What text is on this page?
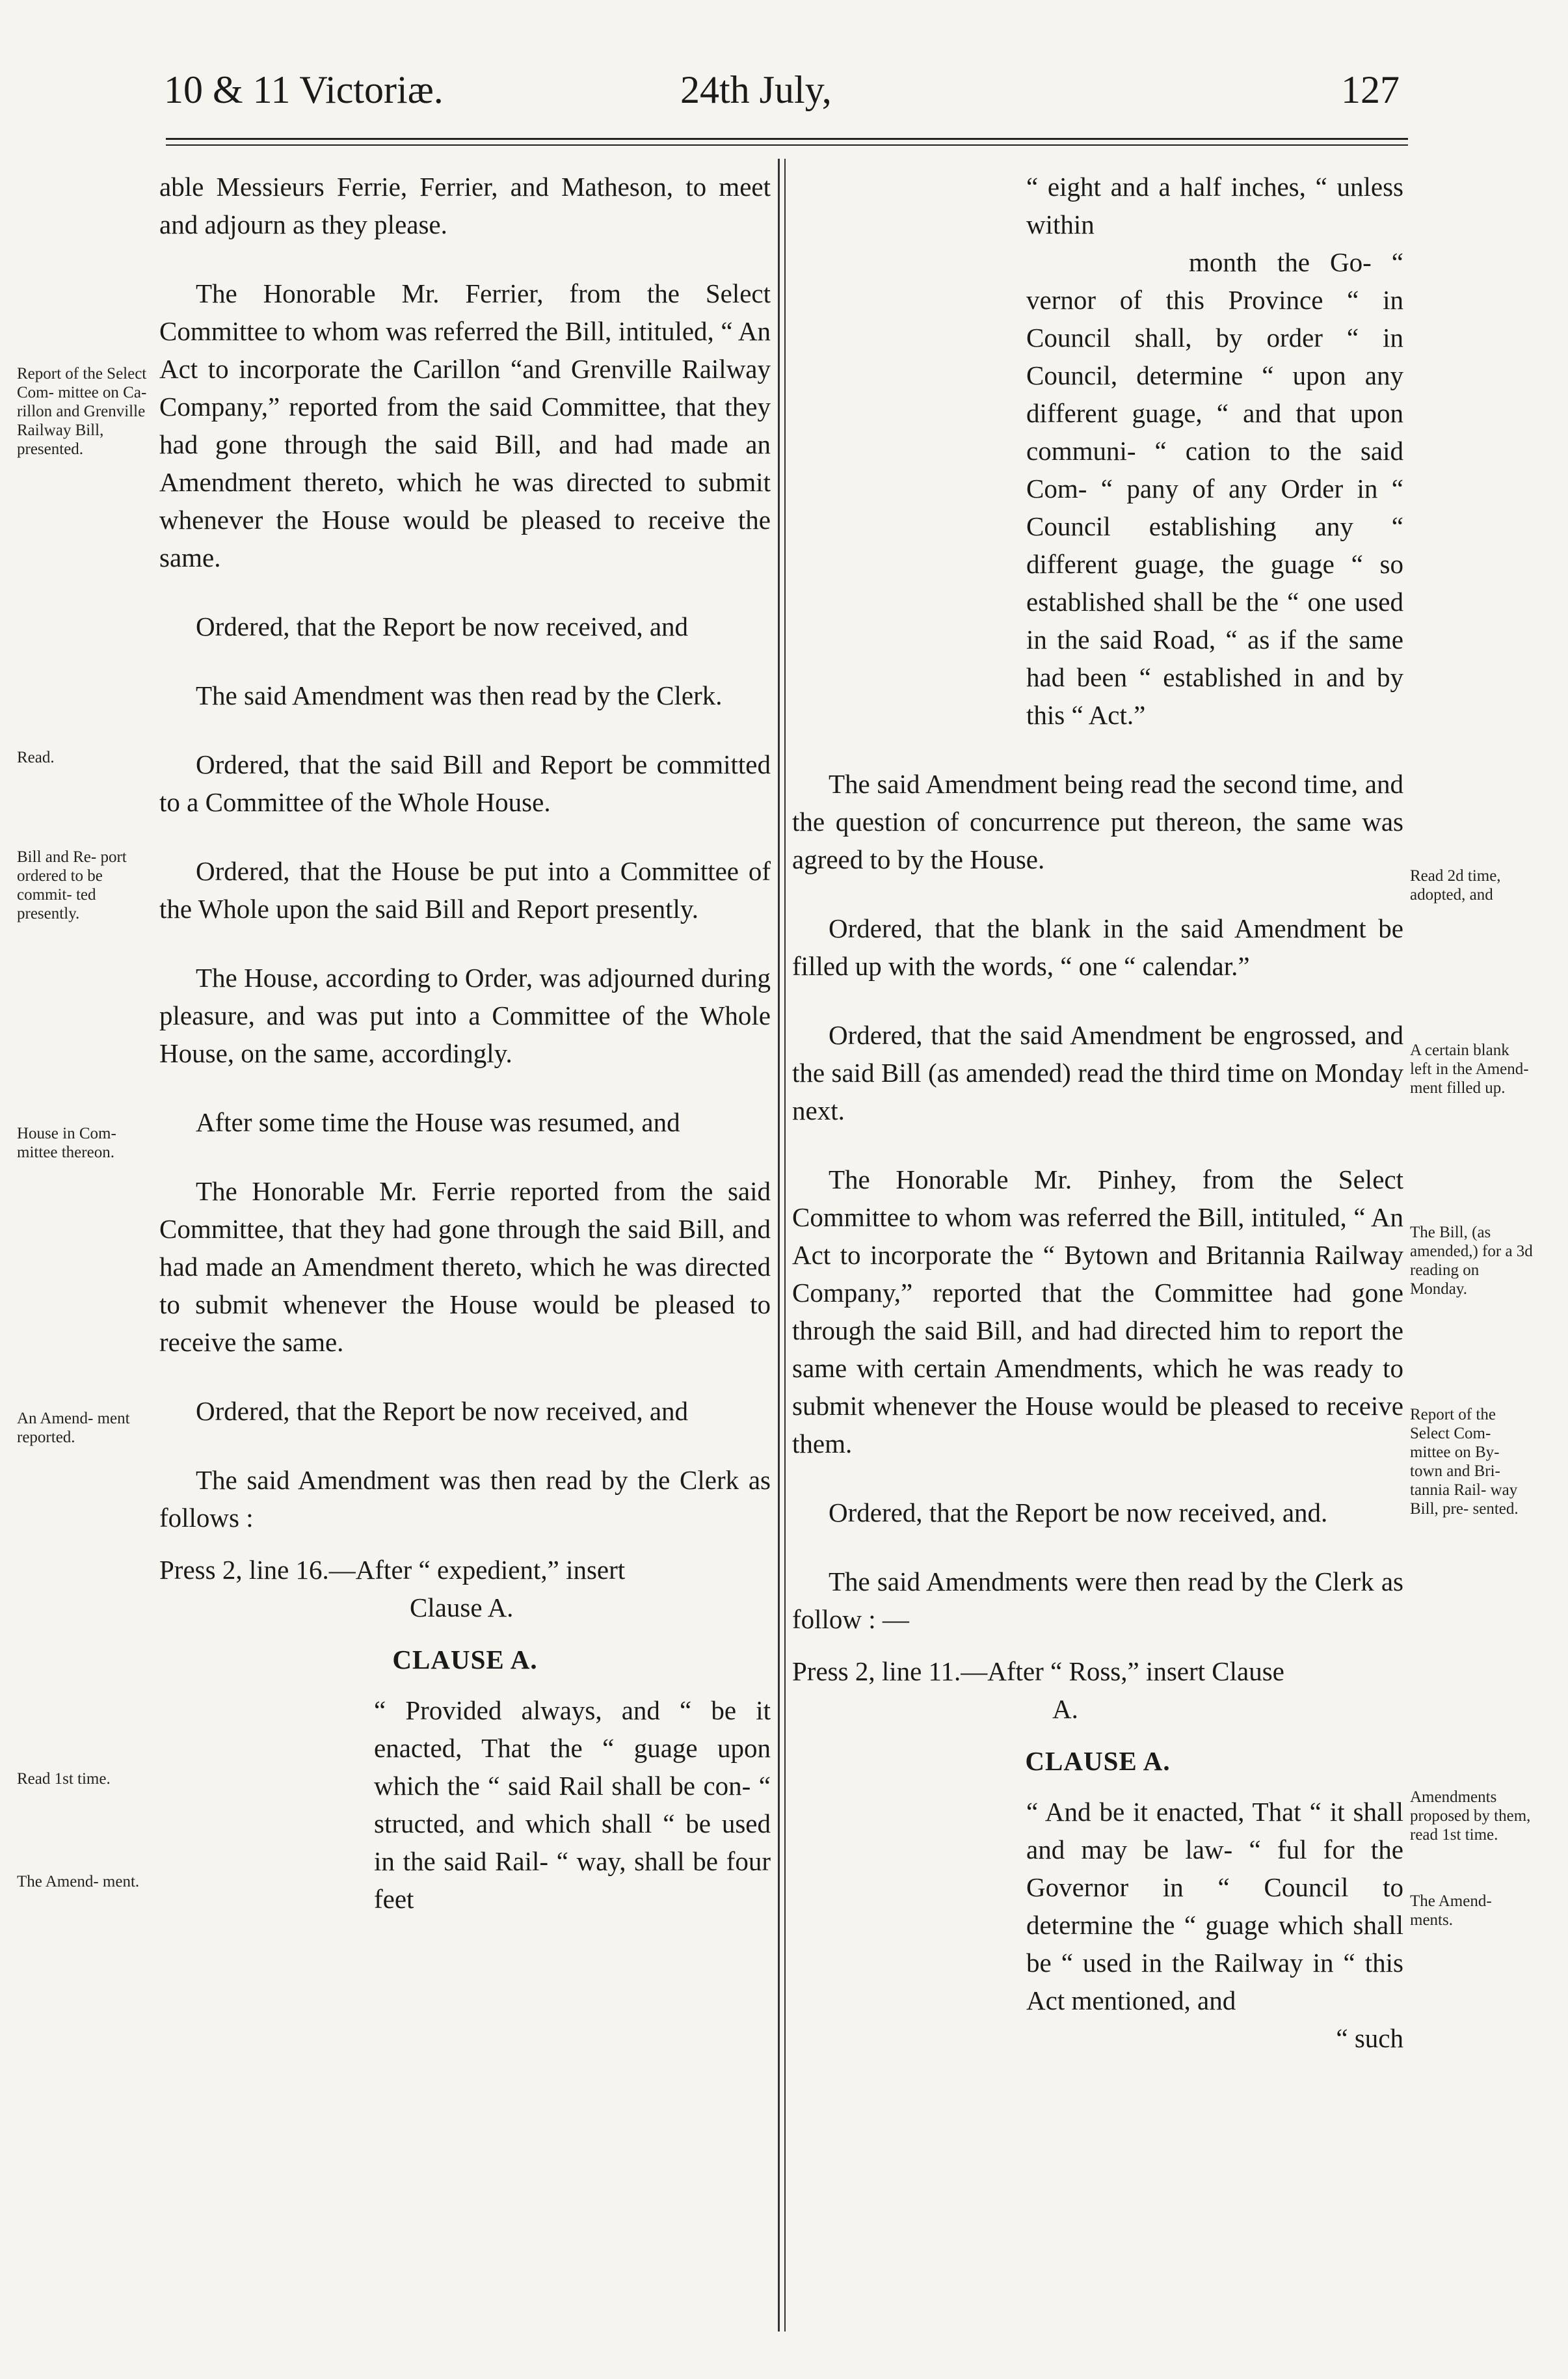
10 & 11 Victoriæ.	24th July,	127

able Messieurs Ferrie, Ferrier, and Matheson, to meet and adjourn as they please.

The Honorable Mr. Ferrier, from the Select Committee to whom was referred the Bill, intituled, “ An Act to incorporate the Carillon “and Grenville Railway Company,” reported from the said Committee, that they had gone through the said Bill, and had made an Amendment thereto, which he was directed to submit whenever the House would be pleased to receive the same.

Ordered, that the Report be now received, and

The said Amendment was then read by the Clerk.

Ordered, that the said Bill and Report be committed to a Committee of the Whole House.

Ordered, that the House be put into a Committee of the Whole upon the said Bill and Report presently.

The House, according to Order, was adjourned during pleasure, and was put into a Committee of the Whole House, on the same, accordingly.

After some time the House was resumed, and

The Honorable Mr. Ferrie reported from the said Committee, that they had gone through the said Bill, and had made an Amendment thereto, which he was directed to submit whenever the House would be pleased to receive the same.

Ordered, that the Report be now received, and

The said Amendment was then read by the Clerk as follows :

Press 2, line 16.—After “ expedient,” insert

Clause A.

CLAUSE A.

“ Provided always, and “ be it enacted, That the “ guage upon which the “ said Rail shall be con- “ structed, and which shall “ be used in the said Rail- “ way, shall be four feet

“ eight and a half inches, “ unless within

month the Go- “ vernor of this Province “ in Council shall, by order “ in Council, determine “ upon any different guage, “ and that upon communi- “ cation to the said Com- “ pany of any Order in “ Council establishing any “ different guage, the guage “ so established shall be the “ one used in the said Road, “ as if the same had been “ established in and by this “ Act.”

The said Amendment being read the second time, and the question of concurrence put thereon, the same was agreed to by the House.

Ordered, that the blank in the said Amendment be filled up with the words, “ one “ calendar.”

Ordered, that the said Amendment be engrossed, and the said Bill (as amended) read the third time on Monday next.

The Honorable Mr. Pinhey, from the Select Committee to whom was referred the Bill, intituled, “ An Act to incorporate the “ Bytown and Britannia Railway Company,” reported that the Committee had gone through the said Bill, and had directed him to report the same with certain Amendments, which he was ready to submit whenever the House would be pleased to receive them.

Ordered, that the Report be now received, and.

The said Amendments were then read by the Clerk as follow : —

Press 2, line 11.—After “ Ross,” insert Clause

A.

CLAUSE A.

“ And be it enacted, That “ it shall and may be law- “ ful for the Governor in “ Council to determine the “ guage which shall be “ used in the Railway in “ this Act mentioned, and

“ such

Report of the Select Com- mittee on Ca- rillon and Grenville Railway Bill, presented.
Read.
Bill and Re- port ordered to be commit- ted presently.
House in Com- mittee thereon.
An Amend- ment reported.
Read 1st time.
The Amend- ment.
Read 2d time, adopted, and
A certain blank left in the Amend- ment filled up.
The Bill, (as amended,) for a 3d reading on Monday.
Report of the Select Com- mittee on By- town and Bri- tannia Rail- way Bill, pre- sented.
Amendments proposed by them, read 1st time.
The Amend- ments.
